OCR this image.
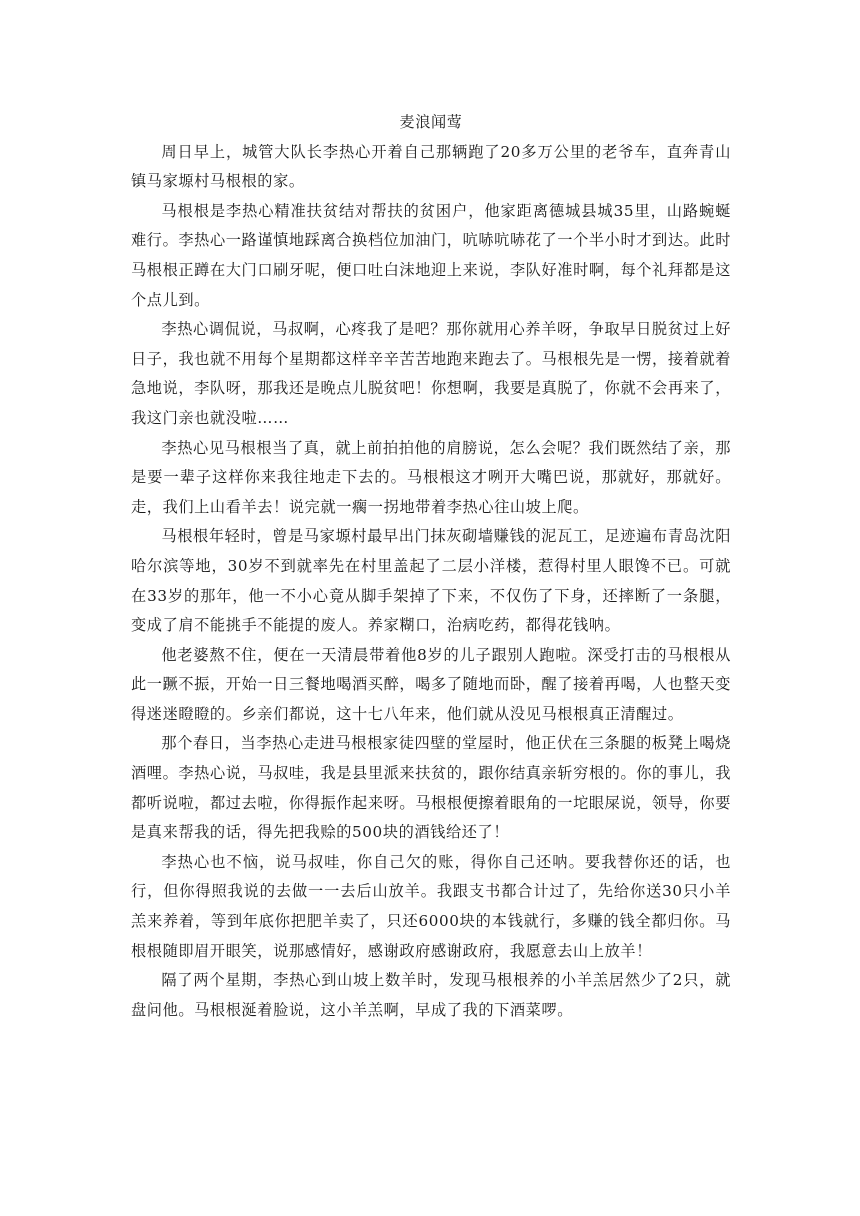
麦浪闻莺

周日早上，城管大队长李热心开着自己那辆跑了20多万公里的老爷车，直奔青山镇马家塬村马根根的家。

马根根是李热心精准扶贫结对帮扶的贫困户，他家距离德城县城35里，山路蜿蜒难行。李热心一路谨慎地踩离合换档位加油门，吭哧吭哧花了一个半小时才到达。此时马根根正蹲在大门口刷牙呢，便口吐白沫地迎上来说，李队好准时啊，每个礼拜都是这个点儿到。

李热心调侃说，马叔啊，心疼我了是吧？那你就用心养羊呀，争取早日脱贫过上好日子，我也就不用每个星期都这样辛辛苦苦地跑来跑去了。马根根先是一愣，接着就着急地说，李队呀，那我还是晚点儿脱贫吧！你想啊，我要是真脱了，你就不会再来了，我这门亲也就没啦……

李热心见马根根当了真，就上前拍拍他的肩膀说，怎么会呢？我们既然结了亲，那是要一辈子这样你来我往地走下去的。马根根这才咧开大嘴巴说，那就好，那就好。走，我们上山看羊去！说完就一瘸一拐地带着李热心往山坡上爬。

马根根年轻时，曾是马家塬村最早出门抹灰砌墙赚钱的泥瓦工，足迹遍布青岛沈阳哈尔滨等地，30岁不到就率先在村里盖起了二层小洋楼，惹得村里人眼馋不已。可就在33岁的那年，他一不小心竟从脚手架掉了下来，不仅伤了下身，还摔断了一条腿，变成了肩不能挑手不能提的废人。养家糊口，治病吃药，都得花钱呐。

他老婆熬不住，便在一天清晨带着他8岁的儿子跟别人跑啦。深受打击的马根根从此一蹶不振，开始一日三餐地喝酒买醉，喝多了随地而卧，醒了接着再喝，人也整天变得迷迷瞪瞪的。乡亲们都说，这十七八年来，他们就从没见马根根真正清醒过。

那个春日，当李热心走进马根根家徒四壁的堂屋时，他正伏在三条腿的板凳上喝烧酒哩。李热心说，马叔哇，我是县里派来扶贫的，跟你结真亲斩穷根的。你的事儿，我都听说啦，都过去啦，你得振作起来呀。马根根便擦着眼角的一坨眼屎说，领导，你要是真来帮我的话，得先把我赊的500块的酒钱给还了！

李热心也不恼，说马叔哇，你自己欠的账，得你自己还呐。要我替你还的话，也行，但你得照我说的去做一一去后山放羊。我跟支书都合计过了，先给你送30只小羊羔来养着，等到年底你把肥羊卖了，只还6000块的本钱就行，多赚的钱全都归你。马根根随即眉开眼笑，说那感情好，感谢政府感谢政府，我愿意去山上放羊！

隔了两个星期，李热心到山坡上数羊时，发现马根根养的小羊羔居然少了2只，就盘问他。马根根涎着脸说，这小羊羔啊，早成了我的下酒菜啰。
